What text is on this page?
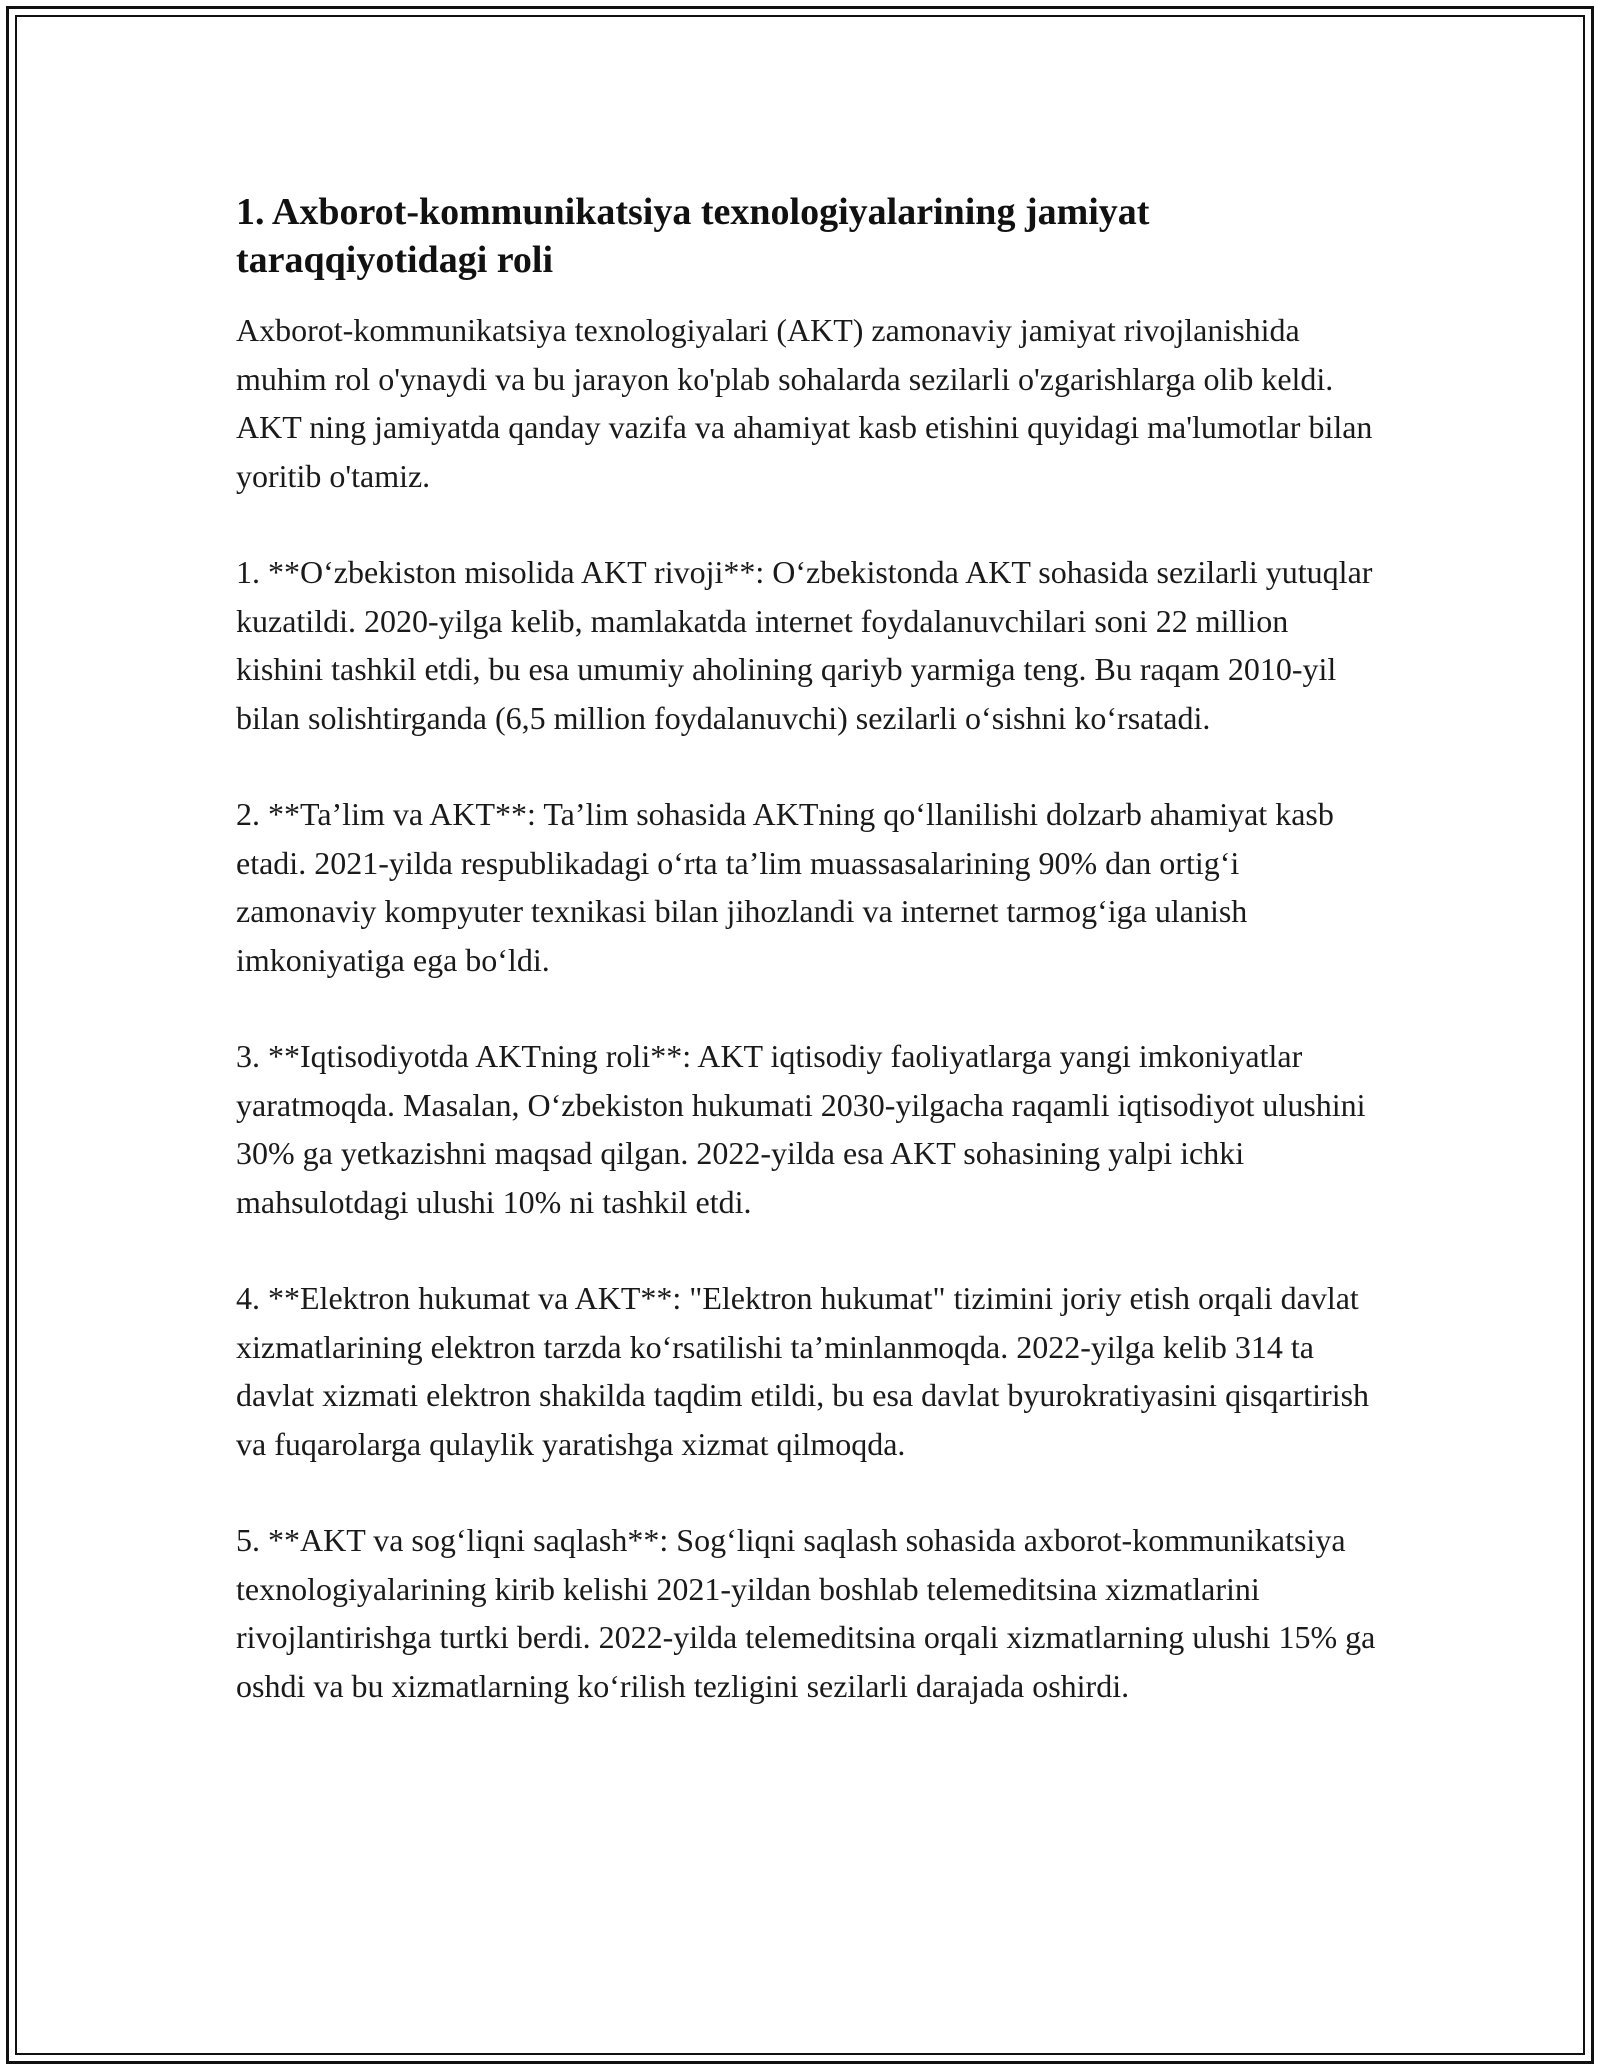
1. Axborot-kommunikatsiya texnologiyalarining jamiyat taraqqiyotidagi roli

Axborot-kommunikatsiya texnologiyalari (AKT) zamonaviy jamiyat rivojlanishida muhim rol o'ynaydi va bu jarayon ko'plab sohalarda sezilarli o'zgarishlarga olib keldi. AKT ning jamiyatda qanday vazifa va ahamiyat kasb etishini quyidagi ma'lumotlar bilan yoritib o'tamiz.

1. **O‘zbekiston misolida AKT rivoji**: O‘zbekistonda AKT sohasida sezilarli yutuqlar kuzatildi. 2020-yilga kelib, mamlakatda internet foydalanuvchilari soni 22 million kishini tashkil etdi, bu esa umumiy aholining qariyb yarmiga teng. Bu raqam 2010-yil bilan solishtirganda (6,5 million foydalanuvchi) sezilarli o‘sishni ko‘rsatadi.

2. **Ta’lim va AKT**: Ta’lim sohasida AKTning qo‘llanilishi dolzarb ahamiyat kasb etadi. 2021-yilda respublikadagi o‘rta ta’lim muassasalarining 90% dan ortig‘i zamonaviy kompyuter texnikasi bilan jihozlandi va internet tarmog‘iga ulanish imkoniyatiga ega bo‘ldi.

3. **Iqtisodiyotda AKTning roli**: AKT iqtisodiy faoliyatlarga yangi imkoniyatlar yaratmoqda. Masalan, O‘zbekiston hukumati 2030-yilgacha raqamli iqtisodiyot ulushini 30% ga yetkazishni maqsad qilgan. 2022-yilda esa AKT sohasining yalpi ichki mahsulotdagi ulushi 10% ni tashkil etdi.

4. **Elektron hukumat va AKT**: "Elektron hukumat" tizimini joriy etish orqali davlat xizmatlarining elektron tarzda ko‘rsatilishi ta’minlanmoqda. 2022-yilga kelib 314 ta davlat xizmati elektron shakilda taqdim etildi, bu esa davlat byurokratiyasini qisqartirish va fuqarolarga qulaylik yaratishga xizmat qilmoqda.

5. **AKT va sog‘liqni saqlash**: Sog‘liqni saqlash sohasida axborot-kommunikatsiya texnologiyalarining kirib kelishi 2021-yildan boshlab telemeditsina xizmatlarini rivojlantirishga turtki berdi. 2022-yilda telemeditsina orqali xizmatlarning ulushi 15% ga oshdi va bu xizmatlarning ko‘rilish tezligini sezilarli darajada oshirdi.
